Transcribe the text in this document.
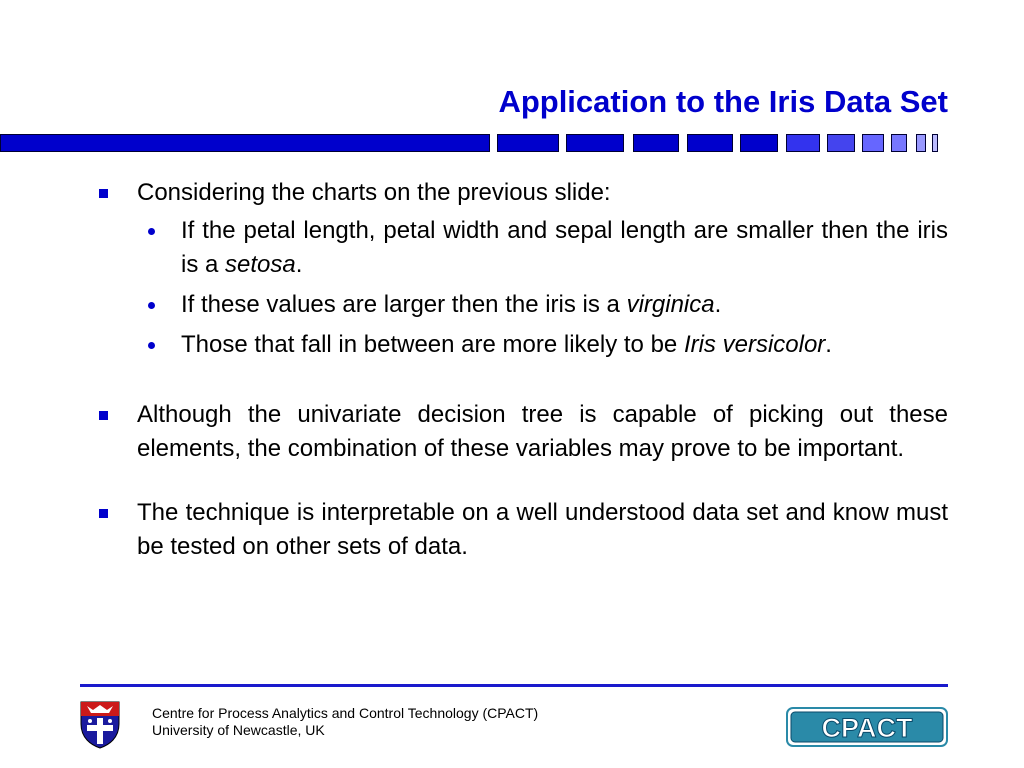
Application to the Iris Data Set
Considering the charts on the previous slide:
If the petal length, petal width and sepal length are smaller then the iris is a setosa.
If these values are larger then the iris is a virginica.
Those that fall in between are more likely to be Iris versicolor.
Although the univariate decision tree is capable of picking out these elements, the combination of these variables may prove to be important.
The technique is interpretable on a well understood data set and know must be tested on other sets of data.
Centre for Process Analytics and Control Technology (CPACT)
University of Newcastle, UK	CPACT
